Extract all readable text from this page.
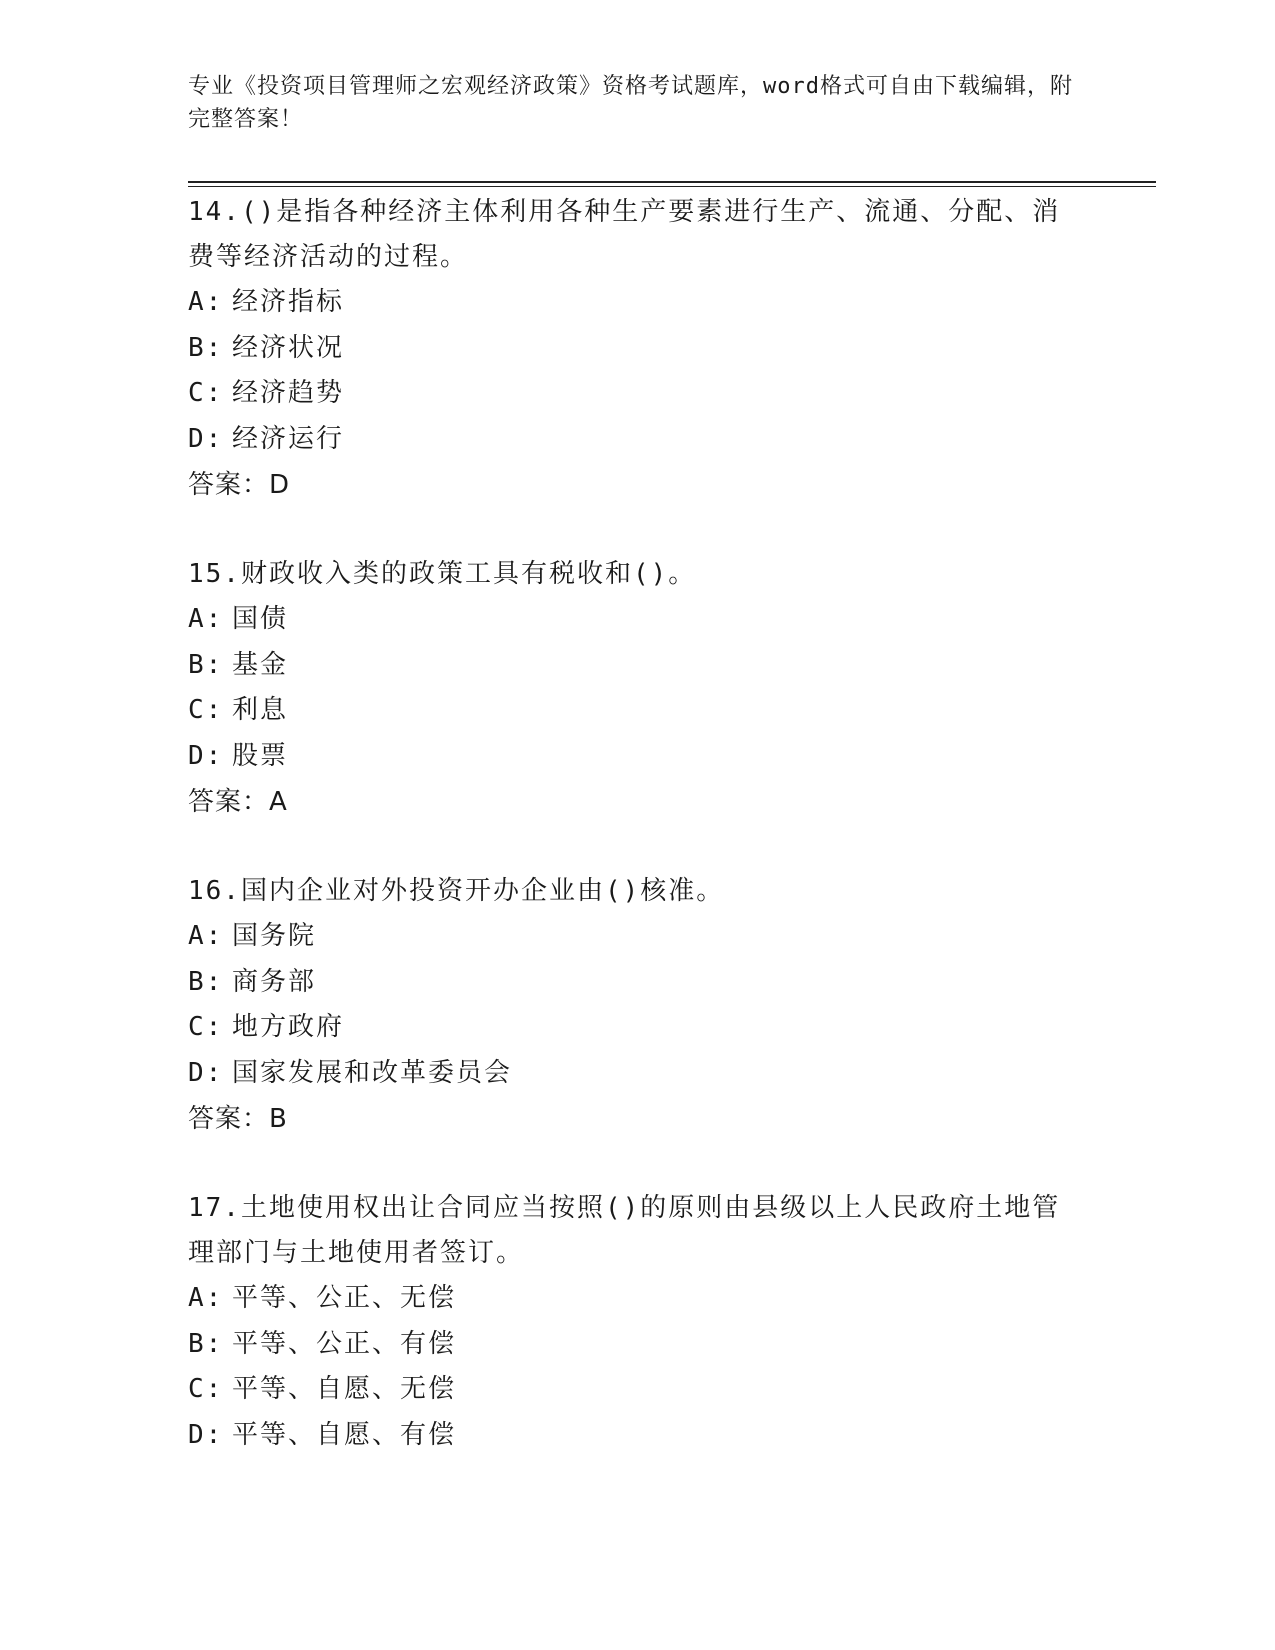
专业《投资项目管理师之宏观经济政策》资格考试题库，word格式可自由下载编辑，附完整答案！

14.()是指各种经济主体利用各种生产要素进行生产、流通、分配、消费等经济活动的过程。

A: 经济指标

B: 经济状况

C: 经济趋势

D: 经济运行

答案：D

15.财政收入类的政策工具有税收和()。

A: 国债

B: 基金

C: 利息

D: 股票

答案：A

16.国内企业对外投资开办企业由()核准。

A: 国务院

B: 商务部

C: 地方政府

D: 国家发展和改革委员会

答案：B

17.土地使用权出让合同应当按照()的原则由县级以上人民政府土地管理部门与土地使用者签订。

A: 平等、公正、无偿

B: 平等、公正、有偿

C: 平等、自愿、无偿

D: 平等、自愿、有偿
